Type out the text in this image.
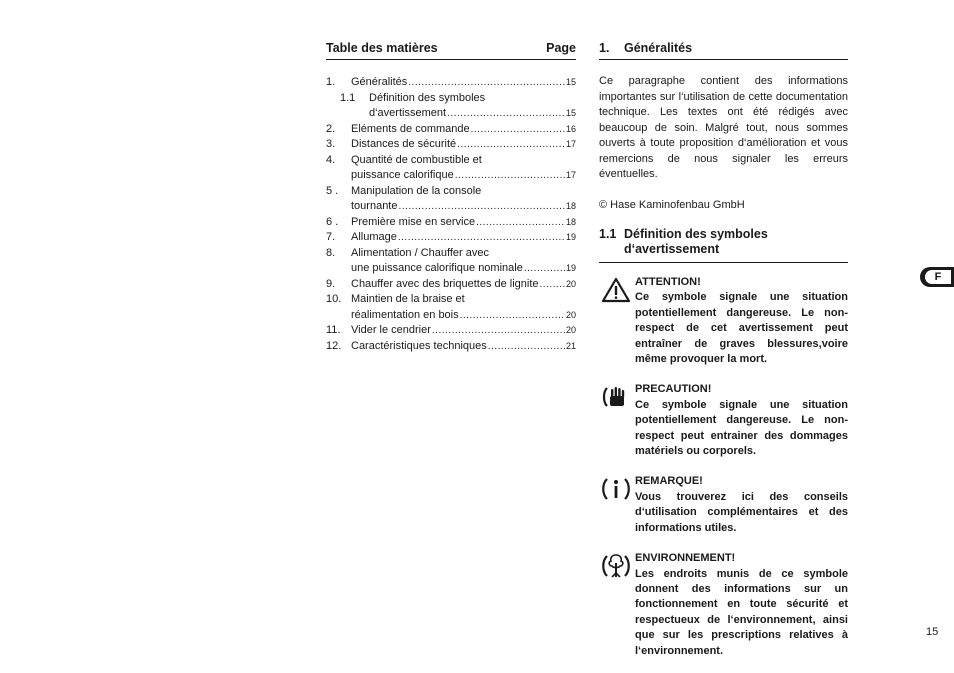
Table des matières	Page
1.	Généralités .....	15
1.1	Définition des symboles
d‘avertissement .....	15
2.	Eléments de commande .....	16
3.	Distances de sécurité .....	17
4.	Quantité de combustible et
puissance calorifique .....	17
5 .	Manipulation de la console
tournante .....	18
6 .	Première mise en service .....	18
7.	Allumage .....	19
8.	Alimentation / Chauffer avec
une puissance calorifique nominale .....	19
9.	Chauffer avec des briquettes de lignite .....	20
10. Maintien de la braise et
réalimentation en bois .....	20
11. Vider le cendrier .....	20
12. Caractéristiques techniques .....	21
1. Généralités
Ce paragraphe contient des informations importantes sur l‘utilisation de cette documentation technique. Les textes ont été rédigés avec beaucoup de soin. Malgré tout, nous sommes ouverts à toute proposition d‘amélioration et vous remercions de nous signaler les erreurs éventuelles.
© Hase Kaminofenbau GmbH
1.1 Définition des symboles d‘avertissement
ATTENTION!
Ce symbole signale une situation potentiellement dangereuse. Le non-respect de cet avertissement peut entraîner de graves blessures,voire même provoquer la mort.
PRECAUTION!
Ce symbole signale une situation potentiellement dangereuse. Le non-respect peut entrainer des dommages matériels ou corporels.
REMARQUE!
Vous trouverez ici des conseils d‘utilisation complémentaires et des informations utiles.
ENVIRONNEMENT!
Les endroits munis de ce symbole donnent des informations sur un fonctionnement en toute sécurité et respectueux de l‘environnement, ainsi que sur les prescriptions relatives à l‘environnement.
F
15
